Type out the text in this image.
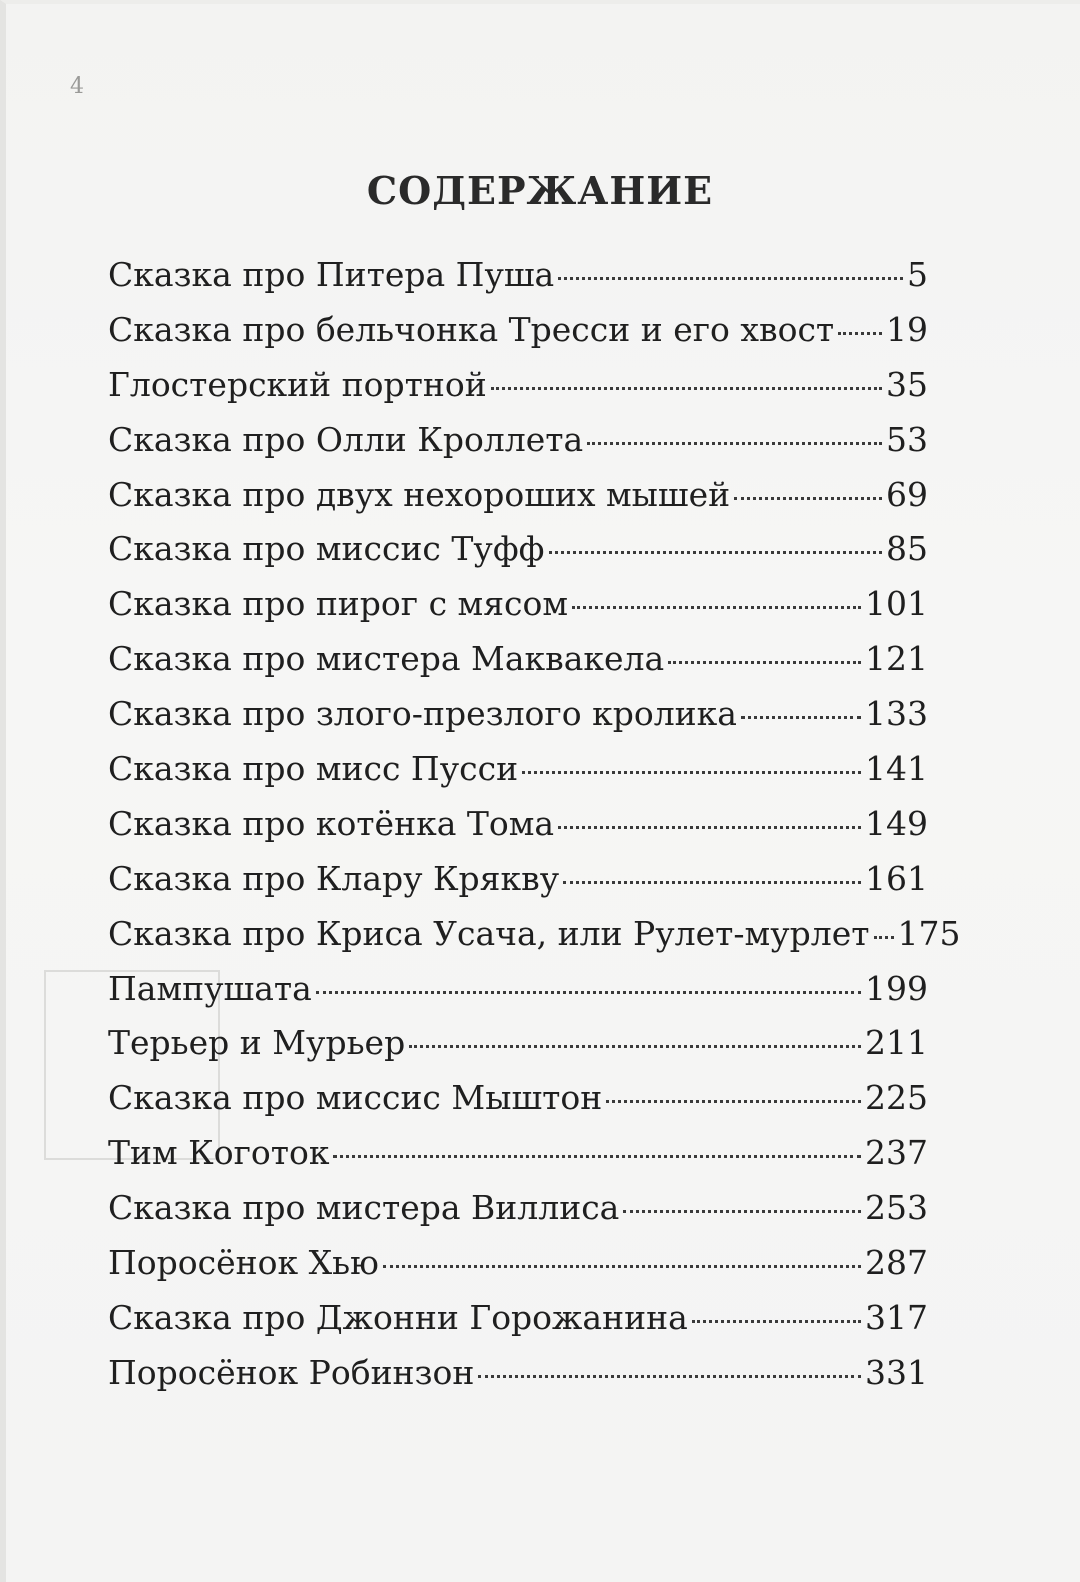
4
СОДЕРЖАНИЕ
Сказка про Питера Пуша	5
Сказка про бельчонка Тресси и его хвост 19
Глостерский портной	35
Сказка про Олли Кроллета	53
Сказка про двух нехороших мышей	69
Сказка про миссис Туфф	85
Сказка про пирог с мясом	101
Сказка про мистера Маквакела	121
Сказка про злого-презлого кролика	133
Сказка про мисс Пусси	141
Сказка про котёнка Тома	149
Сказка про Клару Крякву	161
Сказка про Криса Усача, или Рулет-мурлет 175
Пампушата	199
Терьер и Мурьер	211
Сказка про миссис Мыштон	225
Тим Коготок	237
Сказка про мистера Виллиса	253
Поросёнок Хью	287
Сказка про Джонни Горожанина	317
Поросёнок Робинзон	331
